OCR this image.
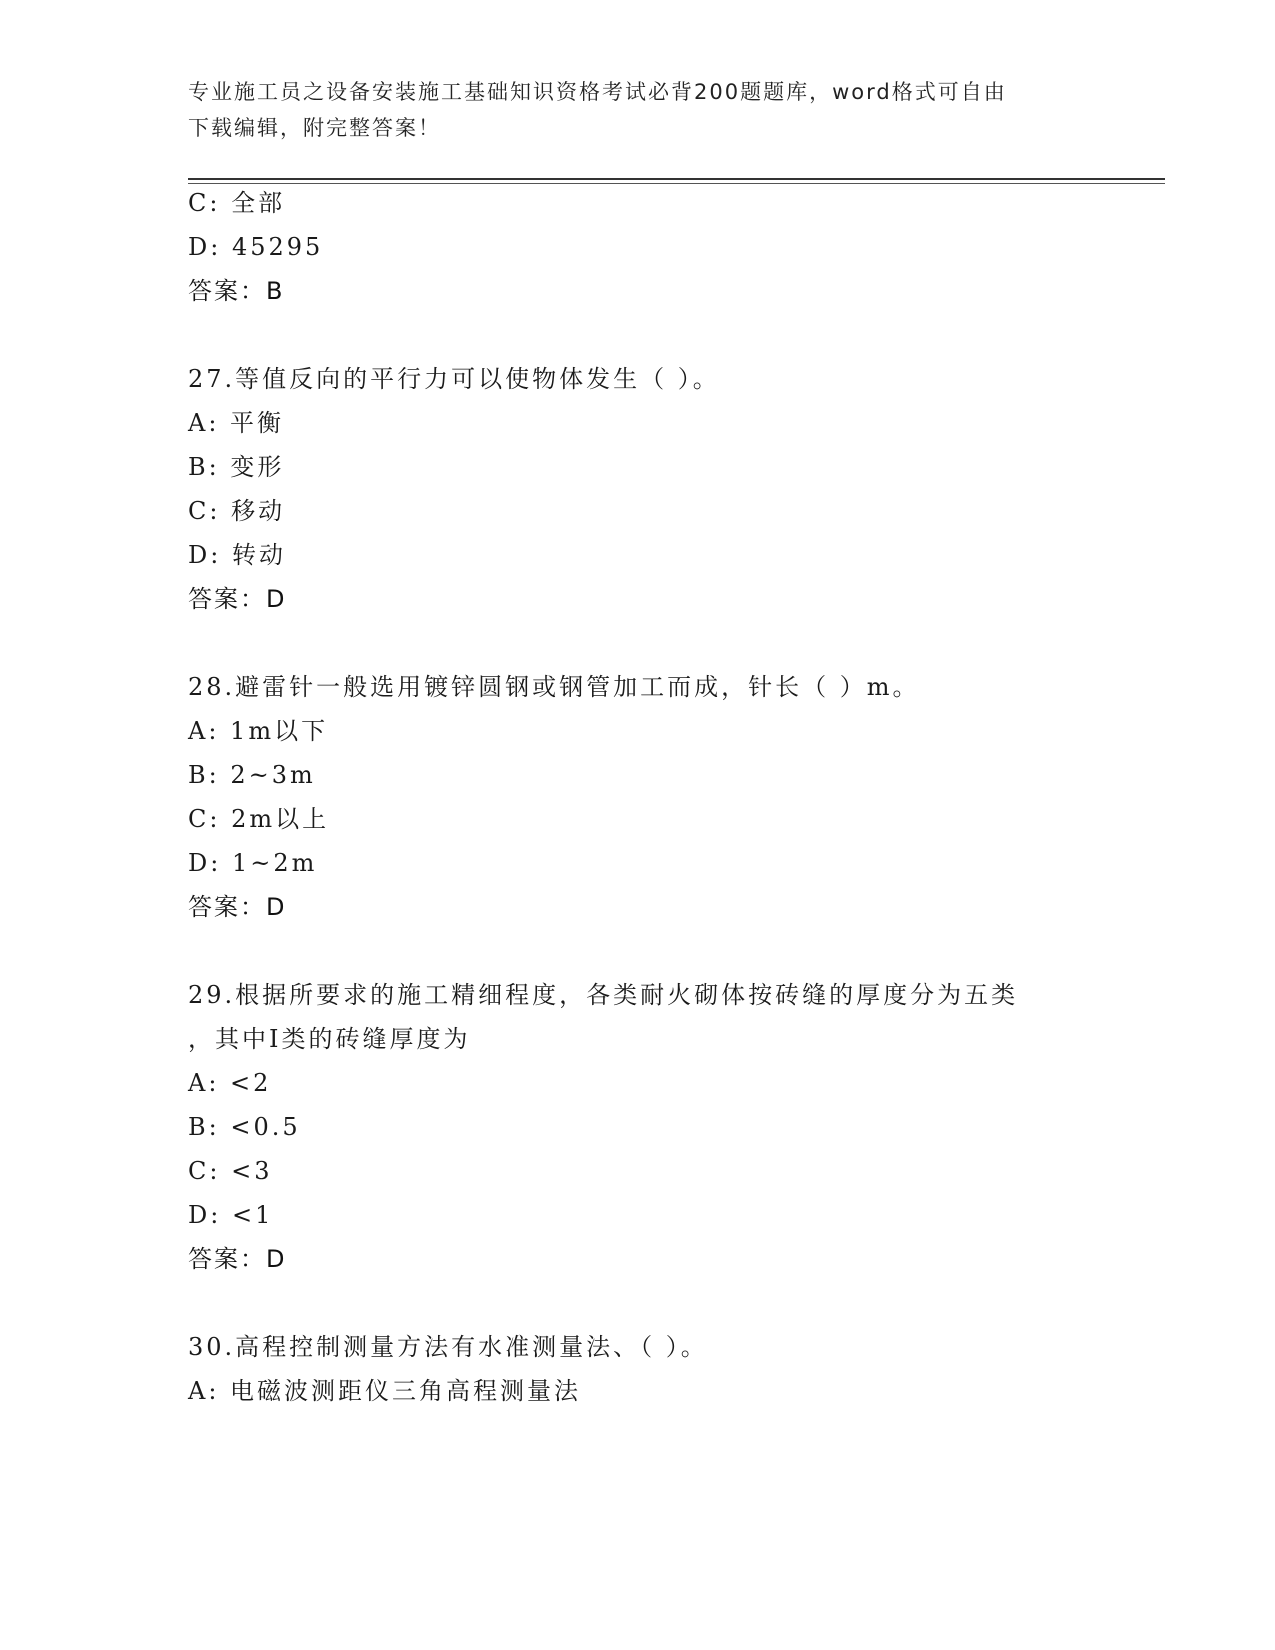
专业施工员之设备安装施工基础知识资格考试必背200题题库，word格式可自由
下载编辑，附完整答案！
C: 全部
D: 45295
答案：B
27.等值反向的平行力可以使物体发生（ ）。
A: 平衡
B: 变形
C: 移动
D: 转动
答案：D
28.避雷针一般选用镀锌圆钢或钢管加工而成，针长（ ）m。
A: 1m以下
B: 2~3m
C: 2m以上
D: 1~2m
答案：D
29.根据所要求的施工精细程度，各类耐火砌体按砖缝的厚度分为五类
，其中I类的砖缝厚度为
A: <2
B: <0.5
C: <3
D: <1
答案：D
30.高程控制测量方法有水准测量法、（ ）。
A: 电磁波测距仪三角高程测量法
